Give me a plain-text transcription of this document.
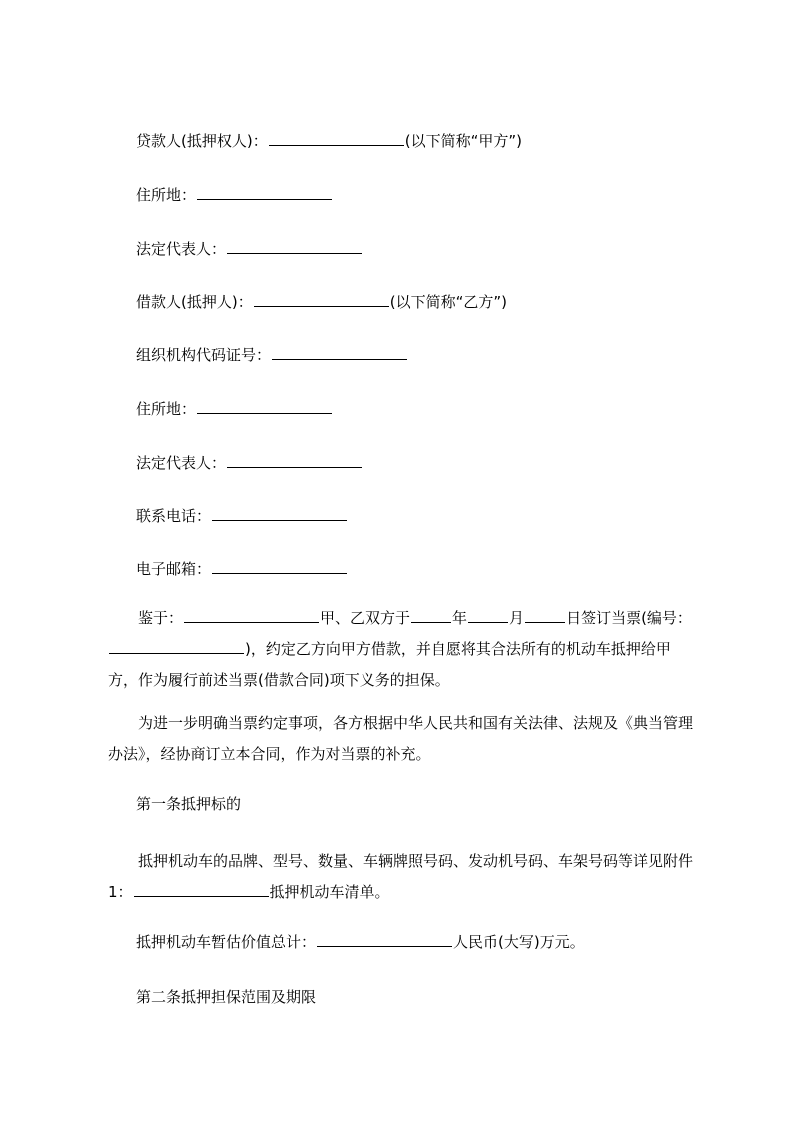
贷款人(抵押权人)：	(以下简称“甲方”)
住所地：
法定代表人：
借款人(抵押人)：	(以下简称“乙方”)
组织机构代码证号：
住所地：
法定代表人：
联系电话：
电子邮箱：
鉴于：	甲、乙双方于	年	月	日签订当票(编号：)，约定乙方向甲方借款，并自愿将其合法所有的机动车抵押给甲方，作为履行前述当票(借款合同)项下义务的担保。
为进一步明确当票约定事项，各方根据中华人民共和国有关法律、法规及《典当管理办法》，经协商订立本合同，作为对当票的补充。
第一条抵押标的
抵押机动车的品牌、型号、数量、车辆牌照号码、发动机号码、车架号码等详见附件 1：	抵押机动车清单。
抵押机动车暂估价值总计：	人民币(大写)万元。
第二条抵押担保范围及期限
